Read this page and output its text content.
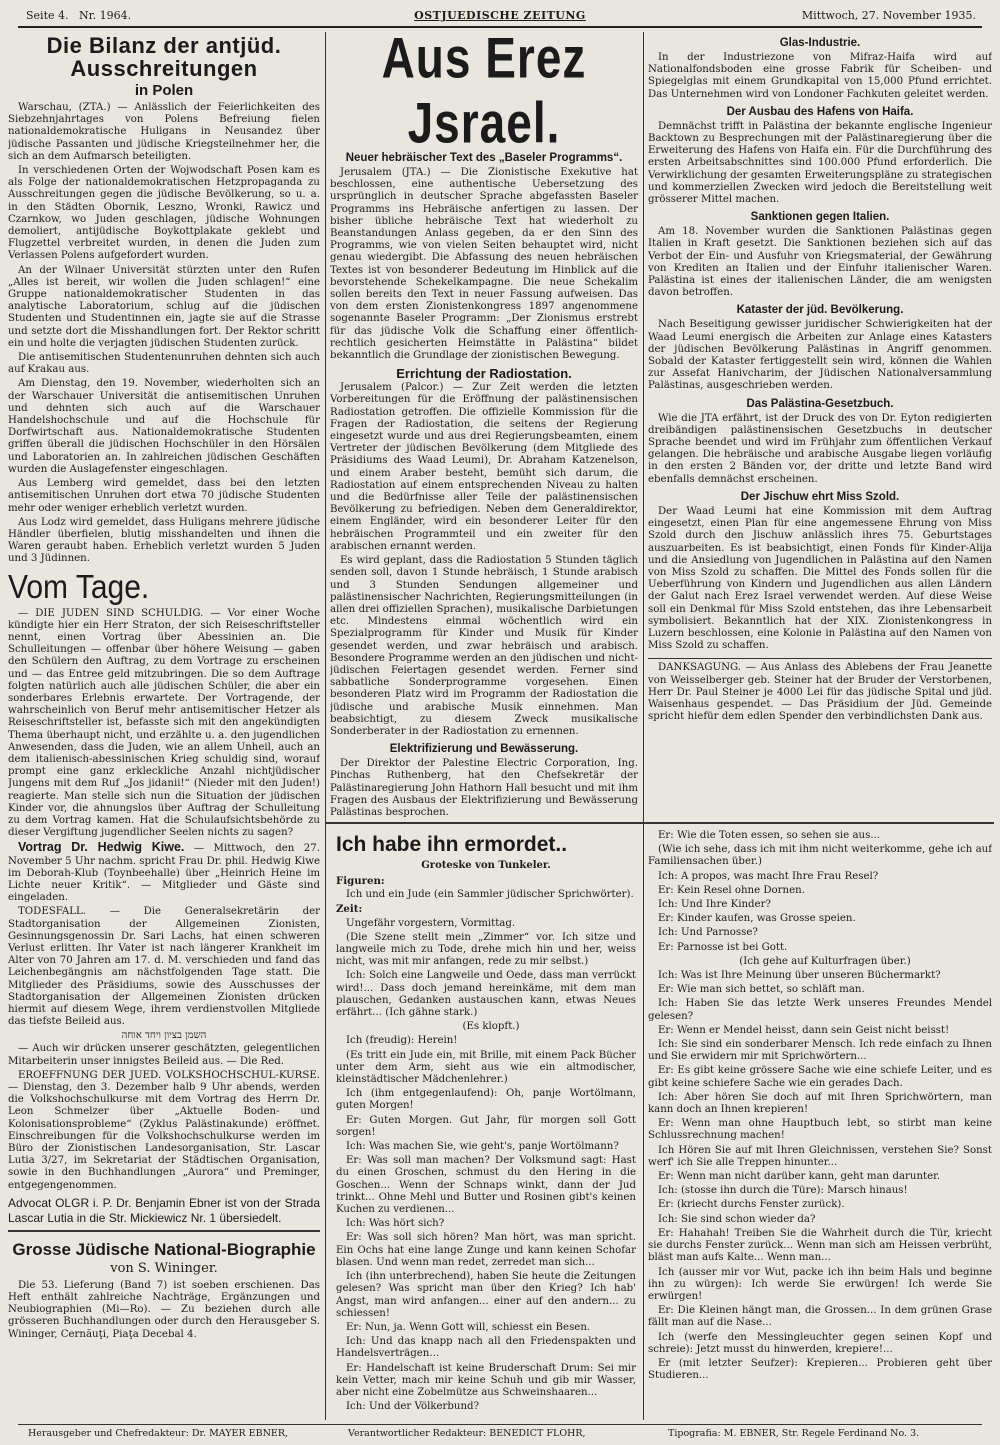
Seite 4. Nr. 1964.	OSTJUEDISCHE ZEITUNG	Mittwoch, 27. November 1935.
Die Bilanz der antjüd. Ausschreitungen
in Polen

Warschau, (ZTA.) — Anlässlich der Feierlichkeiten des Siebzehnjahrtages von Polens Befreiung fielen nationaldemokratische Huligans in Neusandez über jüdische Passanten und jüdische Kriegsteilnehmer her, die sich an dem Aufmarsch beteiligten.

In verschiedenen Orten der Wojwodschaft Posen kam es als Folge der nationaldemokratischen Hetzpropaganda zu Ausschreitungen gegen die jüdische Bevölkerung, so u. a. in den Städten Obornik, Leszno, Wronki, Rawicz und Czarnkow, wo Juden geschlagen, jüdische Wohnungen demoliert, antijüdische Boykottplakate geklebt und Flugzettel verbreitet wurden, in denen die Juden zum Verlassen Polens aufgefordert wurden.

An der Wilnaer Universität stürzten unter den Rufen „Alles ist bereit, wir wollen die Juden schlagen!“ eine Gruppe nationaldemokratischer Studenten in das analytische Laboratorium, schlug auf die jüdischen Studenten und Studentinnen ein, jagte sie auf die Strasse und setzte dort die Misshandlungen fort. Der Rektor schritt ein und holte die verjagten jüdischen Studenten zurück.

Die antisemitischen Studentenunruhen dehnten sich auch auf Krakau aus.

Am Dienstag, den 19. November, wiederholten sich an der Warschauer Universität die antisemitischen Unruhen und dehnten sich auch auf die Warschauer Handelshochschule und auf die Hochschule für Dorfwirtschaft aus. Nationaldemokratische Studenten griffen überall die jüdischen Hochschüler in den Hörsälen und Laboratorien an. In zahlreichen jüdischen Geschäften wurden die Auslagefenster eingeschlagen.

Aus Lemberg wird gemeldet, dass bei den letzten antisemitischen Unruhen dort etwa 70 jüdische Studenten mehr oder weniger erheblich verletzt wurden.

Aus Lodz wird gemeldet, dass Huligans mehrere jüdische Händler überfielen, blutig misshandelten und ihnen die Waren geraubt haben. Erheblich verletzt wurden 5 Juden und 3 Jüdinnen.

Vom Tage.

— DIE JUDEN SIND SCHULDIG. — Vor einer Woche kündigte hier ein Herr Straton, der sich Reiseschriftsteller nennt, einen Vortrag über Abessinien an. Die Schulleitungen — offenbar über höhere Weisung — gaben den Schülern den Auftrag, zu dem Vortrage zu erscheinen und — das Entree geld mitzubringen. Die so dem Auftrage folgten natürlich auch alle jüdischen Schüler, die aber ein sonderbares Erlebnis erwartete. Der Vortragende, der wahrscheinlich von Beruf mehr antisemitischer Hetzer als Reiseschriftsteller ist, befasste sich mit den angekündigten Thema überhaupt nicht, und erzählte u. a. den jugendlichen Anwesenden, dass die Juden, wie an allem Unheil, auch an dem italienisch-abessinischen Krieg schuldig sind, worauf prompt eine ganz erkleckliche Anzahl nichtjüdischer Jungens mit dem Ruf „Jos jidanii!“ (Nieder mit den Juden!) reagierte. Man stelle sich nun die Situation der jüdischen Kinder vor, die ahnungslos über Auftrag der Schulleitung zu dem Vortrag kamen. Hat die Schulaufsichtsbehörde zu dieser Vergiftung jugendlicher Seelen nichts zu sagen?

Vortrag Dr. Hedwig Kiwe. — Mittwoch, den 27. November 5 Uhr nachm. spricht Frau Dr. phil. Hedwig Kiwe im Deborah-Klub (Toynbeehalle) über „Heinrich Heine im Lichte neuer Kritik“. — Mitglieder und Gäste sind eingeladen.

TODESFALL. — Die Generalsekretärin der Stadtorganisation der Allgemeinen Zionisten, Gesinnungsgenossin Dr. Sari Lachs, hat einen schweren Verlust erlitten. Ihr Vater ist nach längerer Krankheit im Alter von 70 Jahren am 17. d. M. verschieden und fand das Leichenbegängnis am nächstfolgenden Tage statt. Die Mitglieder des Präsidiums, sowie des Ausschusses der Stadtorganisation der Allgemeinen Zionisten drücken hiermit auf diesem Wege, ihrem verdienstvollen Mitgliede das tiefste Beileid aus.

השמן בציון ויחד אוחה

— Auch wir drücken unserer geschätzten, gelegentlichen Mitarbeiterin unser innigstes Beileid aus. — Die Red.

EROEFFNUNG DER JUED. VOLKSHOCHSCHUL-KURSE. — Dienstag, den 3. Dezember halb 9 Uhr abends, werden die Volkshochschulkurse mit dem Vortrag des Herrn Dr. Leon Schmelzer über „Aktuelle Boden- und Kolonisationsprobleme“ (Zyklus Palästinakunde) eröffnet. Einschreibungen für die Volkshochschulkurse werden im Büro der Zionistischen Landesorganisation, Str. Lascar Lutia 3/27, im Sekretariat der Städtischen Organisation, sowie in den Buchhandlungen „Aurora“ und Preminger, entgegengenommen.

Advocat OLGR i. P. Dr. Benjamin Ebner ist von der Strada Lascar Lutia in die Str. Mickiewicz Nr. 1 übersiedelt.
Grosse Jüdische National-Biographie
von S. Wininger.

Die 53. Lieferung (Band 7) ist soeben erschienen. Das Heft enthält zahlreiche Nachträge, Ergänzungen und Neubiographien (Mi—Ro). — Zu beziehen durch alle grösseren Buchhandlungen oder durch den Herausgeber S. Wininger, Cernăuţi, Piaţa Decebal 4.

Aus Erez Jsrael.
Neuer hebräischer Text des „Baseler Programms“.

Jerusalem (JTA.) — Die Zionistische Exekutive hat beschlossen, eine authentische Uebersetzung des ursprünglich in deutscher Sprache abgefassten Baseler Programms ins Hebräische anfertigen zu lassen. Der bisher übliche hebräische Text hat wiederholt zu Beanstandungen Anlass gegeben, da er den Sinn des Programms, wie von vielen Seiten behauptet wird, nicht genau wiedergibt. Die Abfassung des neuen hebräischen Textes ist von besonderer Bedeutung im Hinblick auf die bevorstehende Schekelkampagne. Die neue Schekalim sollen bereits den Text in neuer Fassung aufweisen. Das von dem ersten Zionistenkongress 1897 angenommene sogenannte Baseler Programm: „Der Zionismus erstrebt für das jüdische Volk die Schaffung einer öffentlich-rechtlich gesicherten Heimstätte in Palästina“ bildet bekanntlich die Grundlage der zionistischen Bewegung.

Errichtung der Radiostation.

Jerusalem (Palcor.) — Zur Zeit werden die letzten Vorbereitungen für die Eröffnung der palästinensischen Radiostation getroffen. Die offizielle Kommission für die Fragen der Radiostation, die seitens der Regierung eingesetzt wurde und aus drei Regierungsbeamten, einem Vertreter der jüdischen Bevölkerung (dem Mitgliede des Präsidiums des Waad Leumi), Dr. Abraham Katzenelson, und einem Araber besteht, bemüht sich darum, die Radiostation auf einem entsprechenden Niveau zu halten und die Bedürfnisse aller Teile der palästinensischen Bevölkerung zu befriedigen. Neben dem Generaldirektor, einem Engländer, wird ein besonderer Leiter für den hebräischen Programmteil und ein zweiter für den arabischen ernannt werden.

Es wird geplant, dass die Radiostation 5 Stunden täglich senden soll, davon 1 Stunde hebräisch, 1 Stunde arabisch und 3 Stunden Sendungen allgemeiner und palästinensischer Nachrichten, Regierungsmitteilungen (in allen drei offiziellen Sprachen), musikalische Darbietungen etc. Mindestens einmal wöchentlich wird ein Spezialprogramm für Kinder und Musik für Kinder gesendet werden, und zwar hebräisch und arabisch. Besondere Programme werden an den jüdischen und nicht-jüdischen Feiertagen gesendet werden. Ferner sind sabbatliche Sonderprogramme vorgesehen. Einen besonderen Platz wird im Programm der Radiostation die jüdische und arabische Musik einnehmen. Man beabsichtigt, zu diesem Zweck musikalische Sonderberater in der Radiostation zu ernennen.

Elektrifizierung und Bewässerung.

Der Direktor der Palestine Electric Corporation, Ing. Pinchas Ruthenberg, hat den Chefsekretär der Palästinaregierung John Hathorn Hall besucht und mit ihm Fragen des Ausbaus der Elektrifizierung und Bewässerung Palästinas besprochen.

Glas-Industrie.

In der Industriezone von Mifraz-Haifa wird auf Nationalfondsboden eine grosse Fabrik für Scheiben- und Spiegelglas mit einem Grundkapital von 15,000 Pfund errichtet. Das Unternehmen wird von Londoner Fachkuten geleitet werden.

Der Ausbau des Hafens von Haifa.

Demnächst trifft in Palästina der bekannte englische Ingenieur Backtown zu Besprechungen mit der Palästinaregierung über die Erweiterung des Hafens von Haifa ein. Für die Durchführung des ersten Arbeitsabschnittes sind 100.000 Pfund erforderlich. Die Verwirklichung der gesamten Erweiterungspläne zu strategischen und kommerziellen Zwecken wird jedoch die Bereitstellung weit grösserer Mittel machen.

Sanktionen gegen Italien.

Am 18. November wurden die Sanktionen Palästinas gegen Italien in Kraft gesetzt. Die Sanktionen beziehen sich auf das Verbot der Ein- und Ausfuhr von Kriegsmaterial, der Gewährung von Krediten an Italien und der Einfuhr italienischer Waren. Palästina ist eines der italienischen Länder, die am wenigsten davon betroffen.

Kataster der jüd. Bevölkerung.

Nach Beseitigung gewisser juridischer Schwierigkeiten hat der Waad Leumi energisch die Arbeiten zur Anlage eines Katasters der jüdischen Bevölkerung Palästinas in Angriff genommen. Sobald der Kataster fertiggestellt sein wird, können die Wahlen zur Assefat Hanivcharim, der Jüdischen Nationalversammlung Palästinas, ausgeschrieben werden.

Das Palästina-Gesetzbuch.

Wie die JTA erfährt, ist der Druck des von Dr. Eyton redigierten dreibändigen palästinensischen Gesetzbuchs in deutscher Sprache beendet und wird im Frühjahr zum öffentlichen Verkauf gelangen. Die hebräische und arabische Ausgabe liegen vorläufig in den ersten 2 Bänden vor, der dritte und letzte Band wird ebenfalls demnächst erscheinen.

Der Jischuw ehrt Miss Szold.

Der Waad Leumi hat eine Kommission mit dem Auftrag eingesetzt, einen Plan für eine angemessene Ehrung von Miss Szold durch den Jischuw anlässlich ihres 75. Geburtstages auszuarbeiten. Es ist beabsichtigt, einen Fonds für Kinder-Alija und die Ansiedlung von Jugendlichen in Palästina auf den Namen von Miss Szold zu schaffen. Die Mittel des Fonds sollen für die Ueberführung von Kindern und Jugendlichen aus allen Ländern der Galut nach Erez Israel verwendet werden. Auf diese Weise soll ein Denkmal für Miss Szold entstehen, das ihre Lebensarbeit symbolisiert. Bekanntlich hat der XIX. Zionistenkongress in Luzern beschlossen, eine Kolonie in Palästina auf den Namen von Miss Szold zu schaffen.

DANKSAGUNG. — Aus Anlass des Ablebens der Frau Jeanette von Weisselberger geb. Steiner hat der Bruder der Verstorbenen, Herr Dr. Paul Steiner je 4000 Lei für das jüdische Spital und jüd. Waisenhaus gespendet. — Das Präsidium der Jüd. Gemeinde spricht hiefür dem edlen Spender den verbindlichsten Dank aus.

Ich habe ihn ermordet..
Groteske von Tunkeler.

Figuren:

Ich und ein Jude (ein Sammler jüdischer Sprichwörter).

Zeit:

Ungefähr vorgestern, Vormittag.

(Die Szene stellt mein „Zimmer“ vor. Ich sitze und langweile mich zu Tode, drehe mich hin und her, weiss nicht, was mit mir anfangen, rede zu mir selbst.)

Ich: Solch eine Langweile und Oede, dass man verrückt wird!... Dass doch jemand hereinkäme, mit dem man plauschen, Gedanken austauschen kann, etwas Neues erfährt... (Ich gähne stark.)

(Es klopft.)

Ich (freudig): Herein!

(Es tritt ein Jude ein, mit Brille, mit einem Pack Bücher unter dem Arm, sieht aus wie ein altmodischer, kleinstädtischer Mädchenlehrer.)

Ich (ihm entgegenlaufend): Oh, panje Wortölmann, guten Morgen!

Er: Guten Morgen. Gut Jahr, für morgen soll Gott sorgen!

Ich: Was machen Sie, wie geht's, panje Wortölmann?

Er: Was soll man machen? Der Volksmund sagt: Hast du einen Groschen, schmust du den Hering in die Goschen... Wenn der Schnaps winkt, dann der Jud trinkt... Ohne Mehl und Butter und Rosinen gibt's keinen Kuchen zu verdienen...

Ich: Was hört sich?

Er: Was soll sich hören? Man hört, was man spricht. Ein Ochs hat eine lange Zunge und kann keinen Schofar blasen. Und wenn man redet, zerredet man sich...

Ich (ihn unterbrechend), haben Sie heute die Zeitungen gelesen? Was spricht man über den Krieg? Ich hab' Angst, man wird anfangen... einer auf den andern... zu schiessen!

Er: Nun, ja. Wenn Gott will, schiesst ein Besen.

Ich: Und das knapp nach all den Friedenspakten und Handelsverträgen...

Er: Handelschaft ist keine Bruderschaft Drum: Sei mir kein Vetter, mach mir keine Schuh und gib mir Wasser, aber nicht eine Zobelmütze aus Schweinshaaren...

Ich: Und der Völkerbund?

Er: Wie die Toten essen, so sehen sie aus...

(Wie ich sehe, dass ich mit ihm nicht weiterkomme, gehe ich auf Familiensachen über.)

Ich: A propos, was macht Ihre Frau Resel?

Er: Kein Resel ohne Dornen.

Ich: Und Ihre Kinder?

Er: Kinder kaufen, was Grosse speien.

Ich: Und Parnosse?

Er: Parnosse ist bei Gott.

(Ich gehe auf Kulturfragen über.)

Ich: Was ist Ihre Meinung über unseren Büchermarkt?

Er: Wie man sich bettet, so schläft man.

Ich: Haben Sie das letzte Werk unseres Freundes Mendel gelesen?

Er: Wenn er Mendel heisst, dann sein Geist nicht beisst!

Ich: Sie sind ein sonderbarer Mensch. Ich rede einfach zu Ihnen und Sie erwidern mir mit Sprichwörtern...

Er: Es gibt keine grössere Sache wie eine schiefe Leiter, und es gibt keine schiefere Sache wie ein gerades Dach.

Ich: Aber hören Sie doch auf mit Ihren Sprichwörtern, man kann doch an Ihnen krepieren!

Er: Wenn man ohne Hauptbuch lebt, so stirbt man keine Schlussrechnung machen!

Ich Hören Sie auf mit Ihren Gleichnissen, verstehen Sie? Sonst werf' ich Sie alle Treppen hinunter...

Er: Wenn man nicht darüber kann, geht man darunter.

Ich: (stosse ihn durch die Türe): Marsch hinaus!

Er: (kriecht durchs Fenster zurück).

Ich: Sie sind schon wieder da?

Er: Hahahah! Treiben Sie die Wahrheit durch die Tür, kriecht sie durchs Fenster zurück... Wenn man sich am Heissen verbrüht, bläst man aufs Kalte... Wenn man...

Ich (ausser mir vor Wut, packe ich ihn beim Hals und beginne ihn zu würgen): Ich werde Sie erwürgen! Ich werde Sie erwürgen!

Er: Die Kleinen hängt man, die Grossen... In dem grünen Grase fällt man auf die Nase...

Ich (werfe den Messingleuchter gegen seinen Kopf und schreie): Jetzt musst du hinwerden, krepiere!...

Er (mit letzter Seufzer): Krepieren... Probieren geht über Studieren...

Herausgeber und Chefredakteur: Dr. MAYER EBNER,	Verantwortlicher Redakteur: BENEDICT FLOHR,	Tipografia: M. EBNER, Str. Regele Ferdinand No. 3.
